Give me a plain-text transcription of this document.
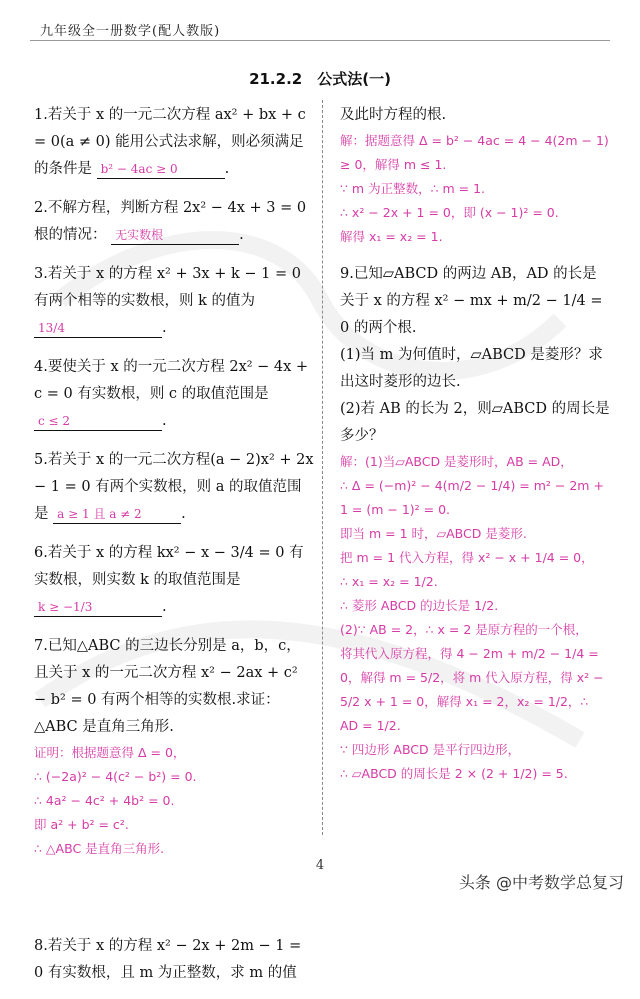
九年级全一册数学(配人教版)
21.2.2　公式法(一)
1.若关于 x 的一元二次方程 ax² + bx + c = 0(a ≠ 0) 能用公式法求解，则必须满足的条件是 b² − 4ac ≥ 0	.
2.不解方程，判断方程 2x² − 4x + 3 = 0 根的情况： 无实数根	.
3.若关于 x 的方程 x² + 3x + k − 1 = 0 有两个相等的实数根，则 k 的值为 13/4	.
4.要使关于 x 的一元二次方程 2x² − 4x + c = 0 有实数根，则 c 的取值范围是 c ≤ 2	.
5.若关于 x 的一元二次方程(a − 2)x² + 2x − 1 = 0 有两个实数根，则 a 的取值范围是 a ≥ 1 且 a ≠ 2	.
6.若关于 x 的方程 kx² − x − 3/4 = 0 有实数根，则实数 k 的取值范围是 k ≥ −1/3	.
7.已知△ABC 的三边长分别是 a，b，c，且关于 x 的一元二次方程 x² − 2ax + c² − b² = 0 有两个相等的实数根.求证：△ABC 是直角三角形.
证明：根据题意得 Δ = 0，
∴ (−2a)² − 4(c² − b²) = 0.
∴ 4a² − 4c² + 4b² = 0.
即 a² + b² = c².
∴ △ABC 是直角三角形.
8.若关于 x 的方程 x² − 2x + 2m − 1 = 0 有实数根，且 m 为正整数，求 m 的值
及此时方程的根.
解：据题意得 Δ = b² − 4ac = 4 − 4(2m − 1) ≥ 0，解得 m ≤ 1.
∵ m 为正整数，∴ m = 1.
∴ x² − 2x + 1 = 0，即 (x − 1)² = 0.
解得 x₁ = x₂ = 1.
9.已知▱ABCD 的两边 AB，AD 的长是关于 x 的方程 x² − mx + m/2 − 1/4 = 0 的两个根.
(1)当 m 为何值时，▱ABCD 是菱形？求出这时菱形的边长.
(2)若 AB 的长为 2，则▱ABCD 的周长是多少？
解：(1)当▱ABCD 是菱形时，AB = AD，
∴ Δ = (−m)² − 4(m/2 − 1/4) = m² − 2m + 1 = (m − 1)² = 0.
即当 m = 1 时，▱ABCD 是菱形.
把 m = 1 代入方程，得 x² − x + 1/4 = 0，
∴ x₁ = x₂ = 1/2.
∴ 菱形 ABCD 的边长是 1/2.
(2)∵ AB = 2，∴ x = 2 是原方程的一个根，
将其代入原方程，得 4 − 2m + m/2 − 1/4 = 0，解得 m = 5/2，将 m 代入原方程，得 x² − 5/2 x + 1 = 0，解得 x₁ = 2，x₂ = 1/2，∴ AD = 1/2.
∵ 四边形 ABCD 是平行四边形，
∴ ▱ABCD 的周长是 2 × (2 + 1/2) = 5.
4
头条 @中考数学总复习
